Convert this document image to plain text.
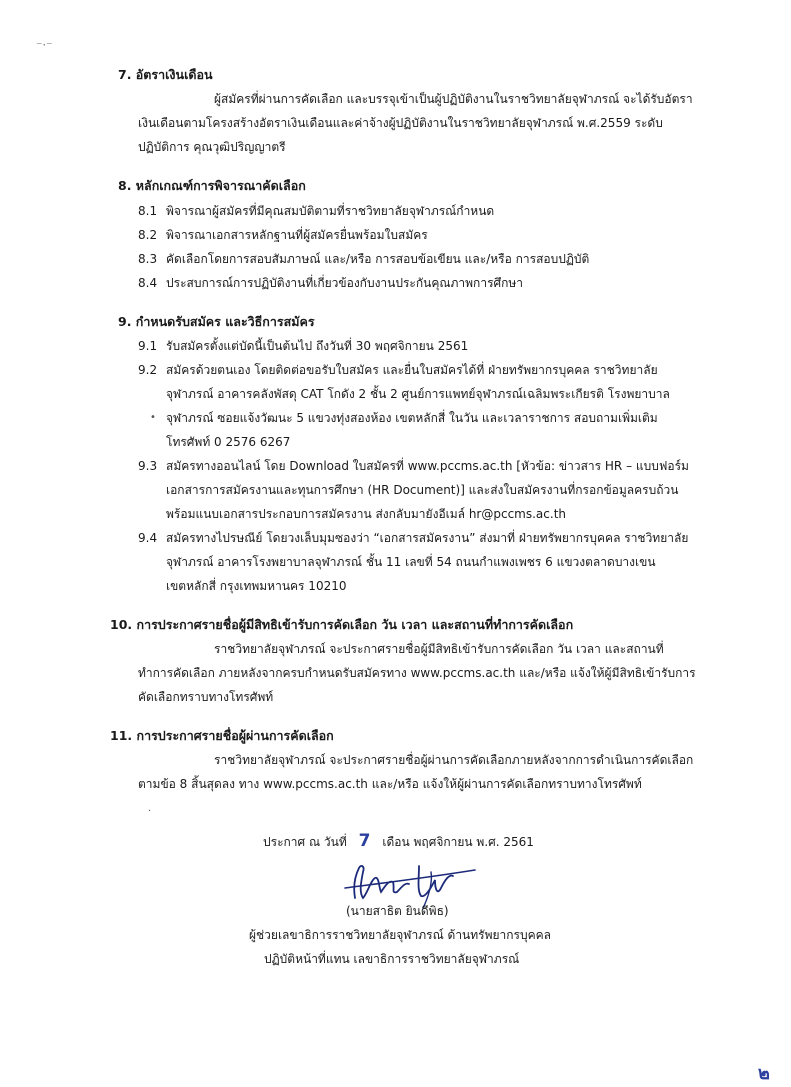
⁻·⁻
7. อัตราเงินเดือน
ผู้สมัครที่ผ่านการคัดเลือก และบรรจุเข้าเป็นผู้ปฏิบัติงานในราชวิทยาลัยจุฬาภรณ์ จะได้รับอัตรา
เงินเดือนตามโครงสร้างอัตราเงินเดือนและค่าจ้างผู้ปฏิบัติงานในราชวิทยาลัยจุฬาภรณ์ พ.ศ.2559 ระดับ
ปฏิบัติการ คุณวุฒิปริญญาตรี
8. หลักเกณฑ์การพิจารณาคัดเลือก
8.1 พิจารณาผู้สมัครที่มีคุณสมบัติตามที่ราชวิทยาลัยจุฬาภรณ์กำหนด
8.2 พิจารณาเอกสารหลักฐานที่ผู้สมัครยื่นพร้อมใบสมัคร
8.3 คัดเลือกโดยการสอบสัมภาษณ์ และ/หรือ การสอบข้อเขียน และ/หรือ การสอบปฏิบัติ
8.4 ประสบการณ์การปฏิบัติงานที่เกี่ยวข้องกับงานประกันคุณภาพการศึกษา
9. กำหนดรับสมัคร และวิธีการสมัคร
9.1 รับสมัครตั้งแต่บัดนี้เป็นต้นไป ถึงวันที่ 30 พฤศจิกายน 2561
9.2 สมัครด้วยตนเอง โดยติดต่อขอรับใบสมัคร และยื่นใบสมัครได้ที่ ฝ่ายทรัพยากรบุคคล ราชวิทยาลัย
จุฬาภรณ์ อาคารคลังพัสดุ CAT โกดัง 2 ชั้น 2 ศูนย์การแพทย์จุฬาภรณ์เฉลิมพระเกียรติ โรงพยาบาล
จุฬาภรณ์ ซอยแจ้งวัฒนะ 5 แขวงทุ่งสองห้อง เขตหลักสี่ ในวัน และเวลาราชการ สอบถามเพิ่มเติม
•
โทรศัพท์ 0 2576 6267
9.3 สมัครทางออนไลน์ โดย Download ใบสมัครที่ www.pccms.ac.th [หัวข้อ: ข่าวสาร HR – แบบฟอร์ม
เอกสารการสมัครงานและทุนการศึกษา (HR Document)] และส่งใบสมัครงานที่กรอกข้อมูลครบถ้วน
พร้อมแนบเอกสารประกอบการสมัครงาน ส่งกลับมายังอีเมล์ hr@pccms.ac.th
9.4 สมัครทางไปรษณีย์ โดยวงเล็บมุมซองว่า “เอกสารสมัครงาน” ส่งมาที่ ฝ่ายทรัพยากรบุคคล ราชวิทยาลัย
จุฬาภรณ์ อาคารโรงพยาบาลจุฬาภรณ์ ชั้น 11 เลขที่ 54 ถนนกำแพงเพชร 6 แขวงตลาดบางเขน
เขตหลักสี่ กรุงเทพมหานคร 10210
10. การประกาศรายชื่อผู้มีสิทธิเข้ารับการคัดเลือก วัน เวลา และสถานที่ทำการคัดเลือก
ราชวิทยาลัยจุฬาภรณ์ จะประกาศรายชื่อผู้มีสิทธิเข้ารับการคัดเลือก วัน เวลา และสถานที่
ทำการคัดเลือก ภายหลังจากครบกำหนดรับสมัครทาง www.pccms.ac.th และ/หรือ แจ้งให้ผู้มีสิทธิเข้ารับการ
คัดเลือกทราบทางโทรศัพท์
11. การประกาศรายชื่อผู้ผ่านการคัดเลือก
ราชวิทยาลัยจุฬาภรณ์ จะประกาศรายชื่อผู้ผ่านการคัดเลือกภายหลังจากการดำเนินการคัดเลือก
ตามข้อ 8 สิ้นสุดลง ทาง www.pccms.ac.th และ/หรือ แจ้งให้ผู้ผ่านการคัดเลือกทราบทางโทรศัพท์
·
ประกาศ ณ วันที่ 7 เดือน พฤศจิกายน พ.ศ. 2561
(นายสาธิต ยินดีพิธ)
ผู้ช่วยเลขาธิการราชวิทยาลัยจุฬาภรณ์ ด้านทรัพยากรบุคคล
ปฏิบัติหน้าที่แทน เลขาธิการราชวิทยาลัยจุฬาภรณ์
๒
